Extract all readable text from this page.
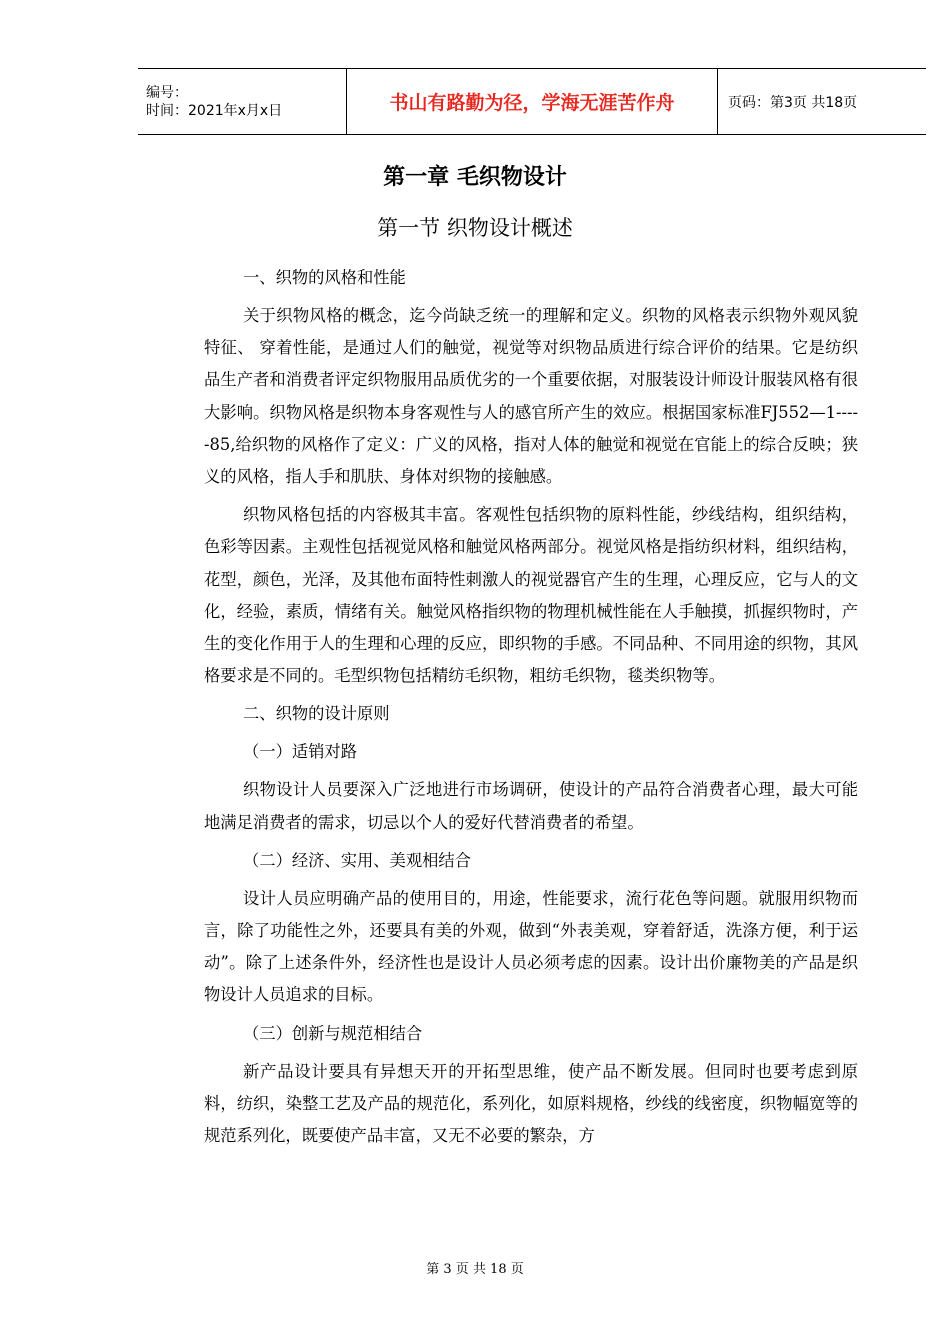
编号：
时间：2021年x月x日	书山有路勤为径，学海无涯苦作舟	页码：第3页 共18页
第一章 毛织物设计
第一节 织物设计概述

一、织物的风格和性能

关于织物风格的概念，迄今尚缺乏统一的理解和定义。织物的风格表示织物外观风貌特征、 穿着性能，是通过人们的触觉，视觉等对织物品质进行综合评价的结果。它是纺织品生产者和消费者评定织物服用品质优劣的一个重要依据，对服装设计师设计服装风格有很大影响。织物风格是织物本身客观性与人的感官所产生的效应。根据国家标准FJ552—1-----85,给织物的风格作了定义：广义的风格，指对人体的触觉和视觉在官能上的综合反映；狭义的风格，指人手和肌肤、身体对织物的接触感。

织物风格包括的内容极其丰富。客观性包括织物的原料性能，纱线结构，组织结构，色彩等因素。主观性包括视觉风格和触觉风格两部分。视觉风格是指纺织材料，组织结构，花型，颜色，光泽，及其他布面特性刺激人的视觉器官产生的生理，心理反应，它与人的文化，经验，素质，情绪有关。触觉风格指织物的物理机械性能在人手触摸，抓握织物时，产生的变化作用于人的生理和心理的反应，即织物的手感。不同品种、不同用途的织物，其风格要求是不同的。毛型织物包括精纺毛织物，粗纺毛织物，毯类织物等。

二、织物的设计原则

（一）适销对路

织物设计人员要深入广泛地进行市场调研，使设计的产品符合消费者心理，最大可能地满足消费者的需求，切忌以个人的爱好代替消费者的希望。

（二）经济、实用、美观相结合

设计人员应明确产品的使用目的，用途，性能要求，流行花色等问题。就服用织物而言，除了功能性之外，还要具有美的外观，做到“外表美观，穿着舒适，洗涤方便，利于运动”。除了上述条件外，经济性也是设计人员必须考虑的因素。设计出价廉物美的产品是织物设计人员追求的目标。

（三）创新与规范相结合

新产品设计要具有异想天开的开拓型思维，使产品不断发展。但同时也要考虑到原料，纺织，染整工艺及产品的规范化，系列化，如原料规格，纱线的线密度，织物幅宽等的规范系列化，既要使产品丰富，又无不必要的繁杂，方

第 3 页 共 18 页
